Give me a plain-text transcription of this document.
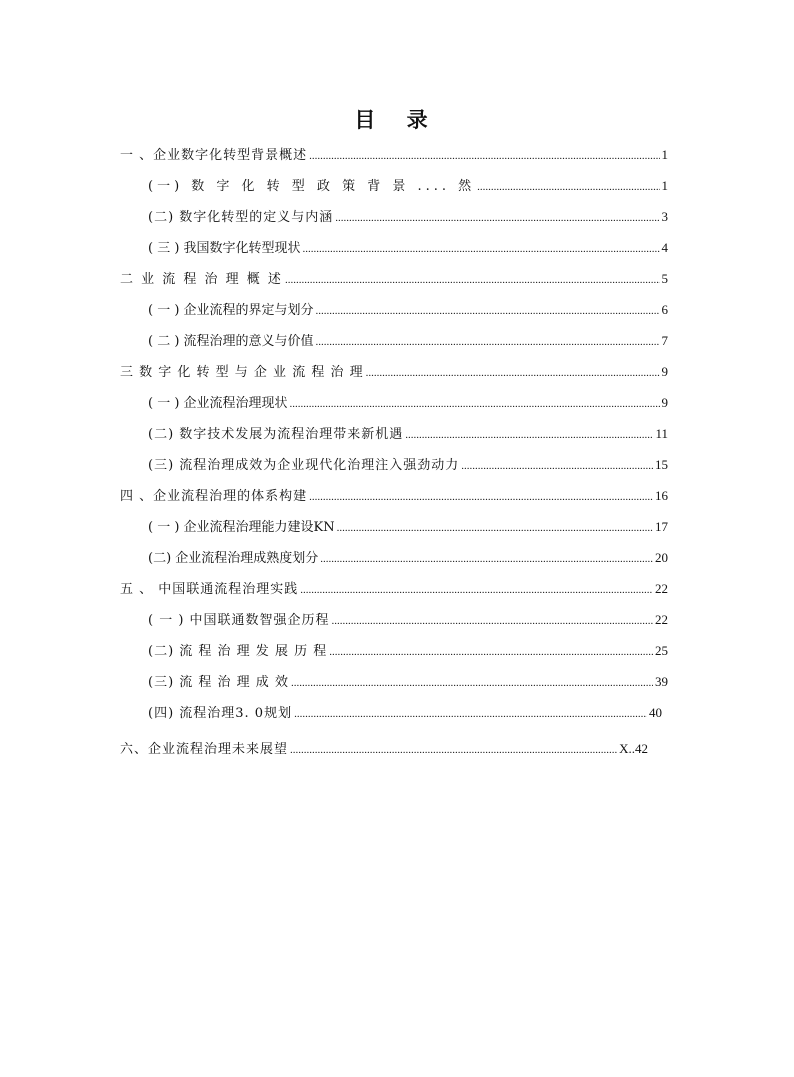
目 录
一 、企业数字化转型背景概述 .....	1
(一) 数 字 化 转 型 政 策 背 景 .... 然 .....	1
(二) 数字化转型的定义与内涵 .....	3
( 三 ) 我国数字化转型现状 .....	4
二 业 流 程 治 理 概 述 .....	5
( 一 ) 企业流程的界定与划分 .....	6
( 二 ) 流程治理的意义与价值 .....	7
三 数 字 化 转 型 与 企 业 流 程 治 理 .....	9
( 一 ) 企业流程治理现状 .....	9
(二) 数字技术发展为流程治理带来新机遇 .....	11
(三) 流程治理成效为企业现代化治理注入强劲动力 .....	15
四 、企业流程治理的体系构建 .....	16
( 一 ) 企业流程治理能力建设KN .....	17
(二) 企业流程治理成熟度划分 .....	20
五 、 中国联通流程治理实践 .....	22
( 一 ) 中国联通数智强企历程 .....	22
(二) 流 程 治 理 发 展 历 程 .....	25
(三) 流 程 治 理 成 效 .....	39
(四) 流程治理3. 0规划 .....	40
六、企业流程治理未来展望 .....	X..42
